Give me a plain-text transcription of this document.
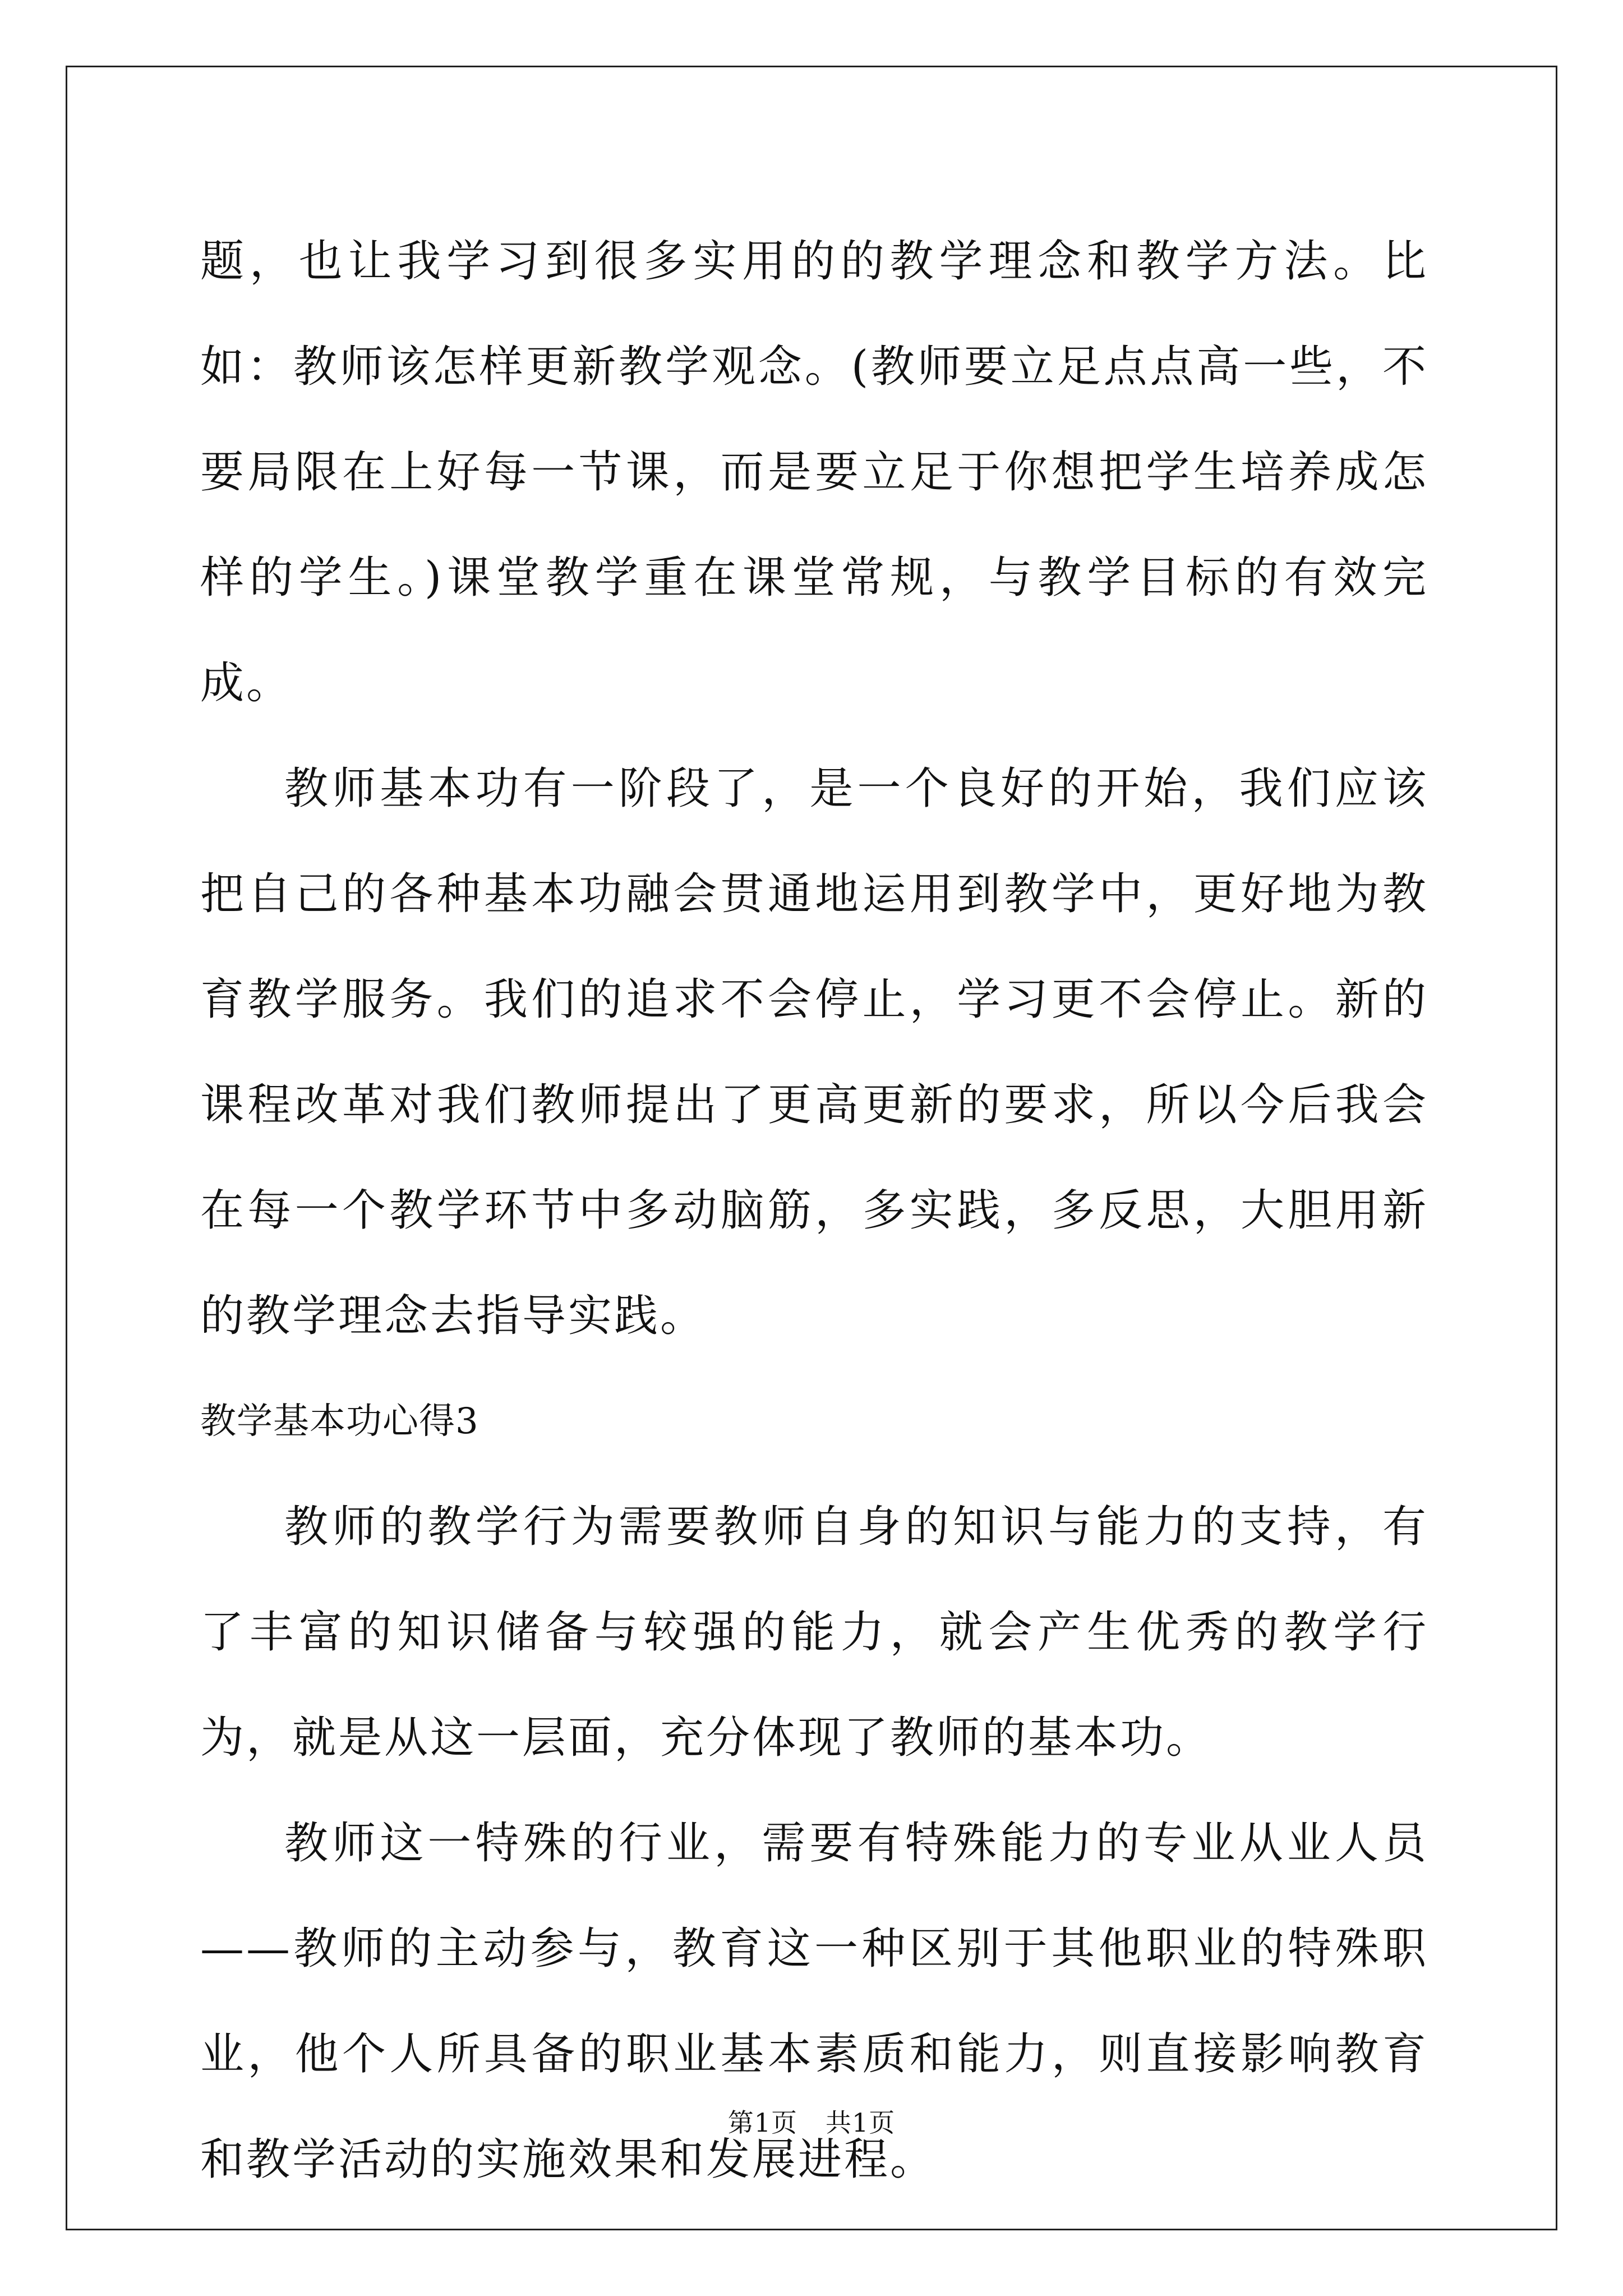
题，也让我学习到很多实用的的教学理念和教学方法。比如：教师该怎样更新教学观念。(教师要立足点点高一些，不要局限在上好每一节课，而是要立足于你想把学生培养成怎样的学生。)课堂教学重在课堂常规，与教学目标的有效完成。

教师基本功有一阶段了，是一个良好的开始，我们应该把自己的各种基本功融会贯通地运用到教学中，更好地为教育教学服务。我们的追求不会停止，学习更不会停止。新的课程改革对我们教师提出了更高更新的要求，所以今后我会在每一个教学环节中多动脑筋，多实践，多反思，大胆用新的教学理念去指导实践。

教学基本功心得3

教师的教学行为需要教师自身的知识与能力的支持，有了丰富的知识储备与较强的能力，就会产生优秀的教学行为，就是从这一层面，充分体现了教师的基本功。

教师这一特殊的行业，需要有特殊能力的专业从业人员——教师的主动参与，教育这一种区别于其他职业的特殊职业，他个人所具备的职业基本素质和能力，则直接影响教育和教学活动的实施效果和发展进程。

第1页 共1页
